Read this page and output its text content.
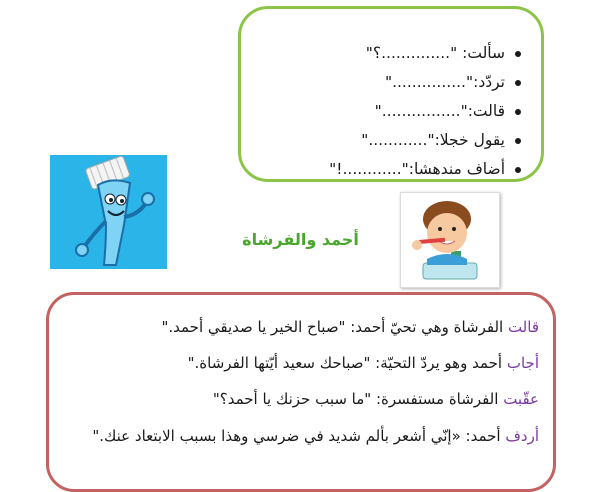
سألت: "..............؟"
تردّد:"..............."
قالت:"................"
يقول خجلا:"............"
أضاف مندهشا:"............!"
أحمد والفرشاة

قالت الفرشاة وهي تحيّ أحمد: "صباح الخير يا صديقي أحمد."

أجاب أحمد وهو يردّ التحيّة: "صباحك سعيد أيّتها الفرشاة."

عقّبت الفرشاة مستفسرة: "ما سبب حزنك يا أحمد؟"

أردف أحمد: «إنّي أشعر بألم شديد في ضرسي وهذا بسبب الابتعاد عنك."
